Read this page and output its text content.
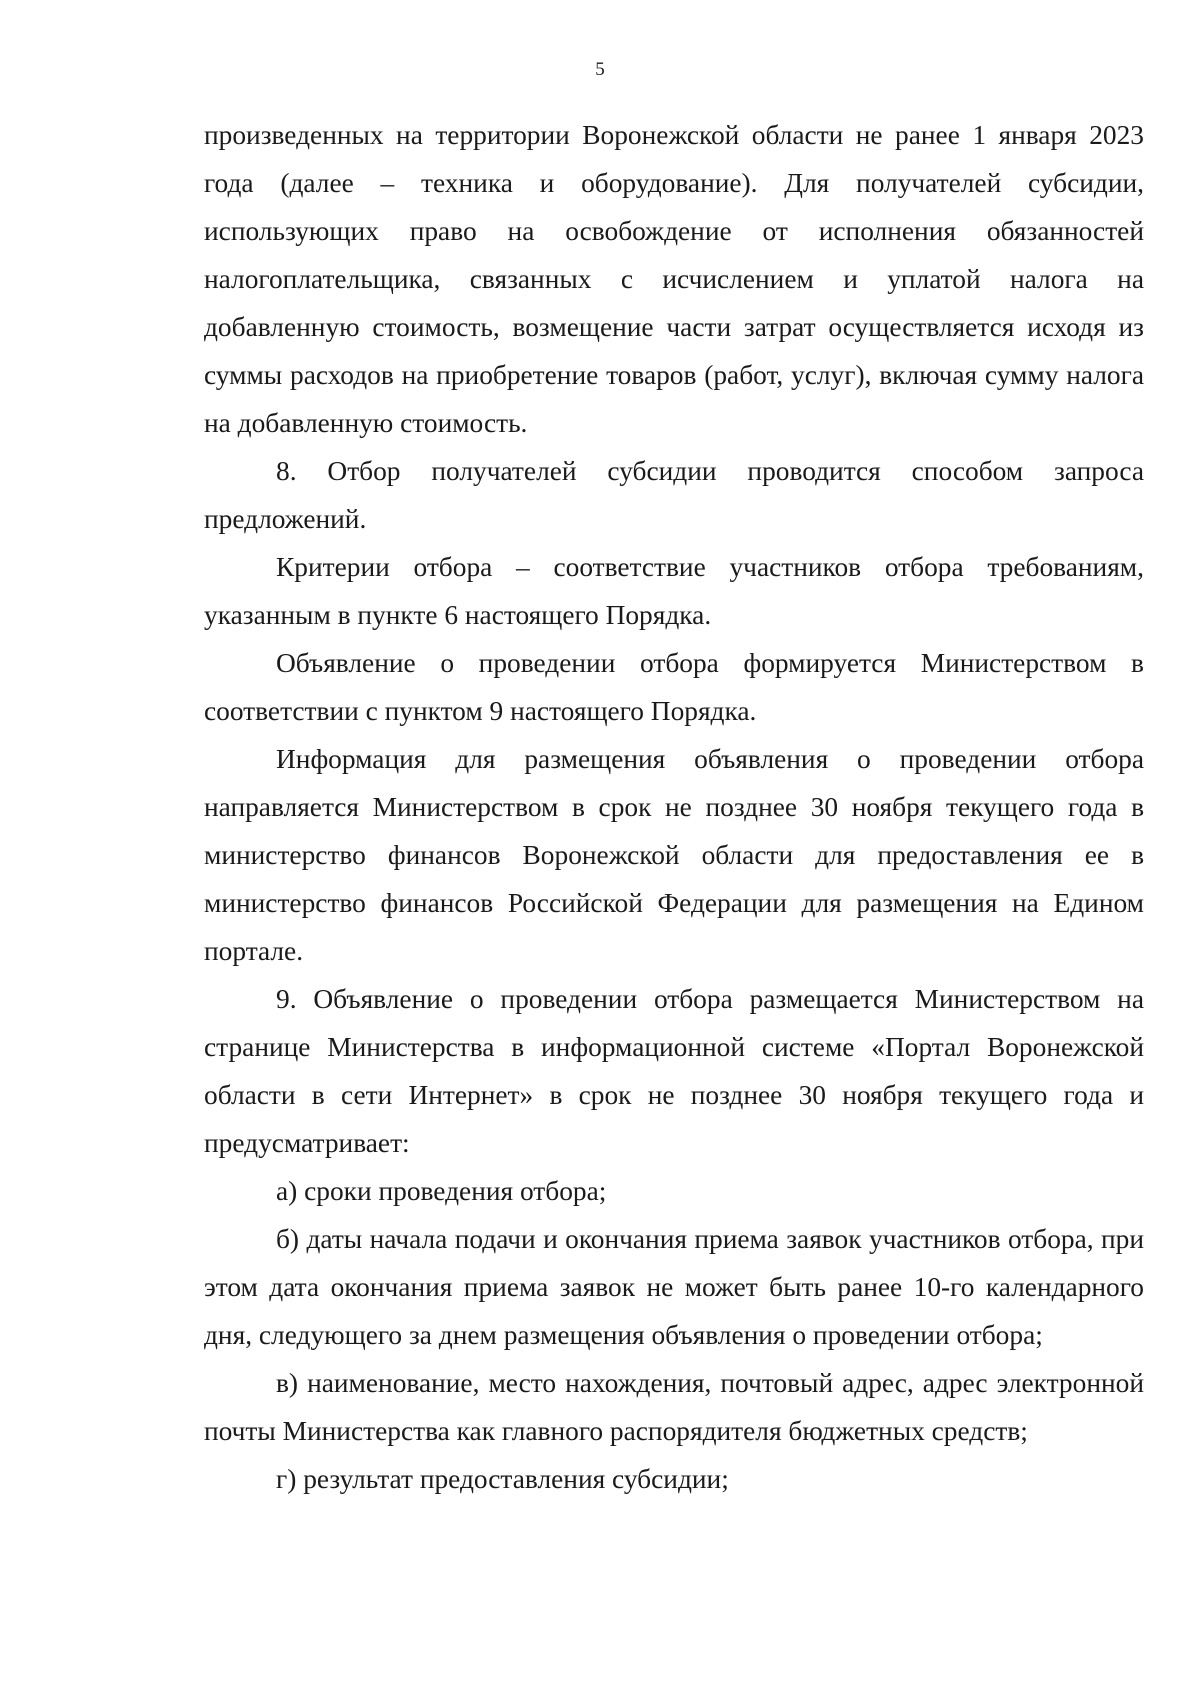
5

произведенных на территории Воронежской области не ранее 1 января 2023 года (далее – техника и оборудование). Для получателей субсидии, использующих право на освобождение от исполнения обязанностей налогоплательщика, связанных с исчислением и уплатой налога на добавленную стоимость, возмещение части затрат осуществляется исходя из суммы расходов на приобретение товаров (работ, услуг), включая сумму налога на добавленную стоимость.

8. Отбор получателей субсидии проводится способом запроса предложений.

Критерии отбора – соответствие участников отбора требованиям, указанным в пункте 6 настоящего Порядка.

Объявление о проведении отбора формируется Министерством в соответствии с пунктом 9 настоящего Порядка.

Информация для размещения объявления о проведении отбора направляется Министерством в срок не позднее 30 ноября текущего года в министерство финансов Воронежской области для предоставления ее в министерство финансов Российской Федерации для размещения на Едином портале.

9. Объявление о проведении отбора размещается Министерством на странице Министерства в информационной системе «Портал Воронежской области в сети Интернет» в срок не позднее 30 ноября текущего года и предусматривает:

а) сроки проведения отбора;

б) даты начала подачи и окончания приема заявок участников отбора, при этом дата окончания приема заявок не может быть ранее 10-го календарного дня, следующего за днем размещения объявления о проведении отбора;

в) наименование, место нахождения, почтовый адрес, адрес электронной почты Министерства как главного распорядителя бюджетных средств;

г) результат предоставления субсидии;
